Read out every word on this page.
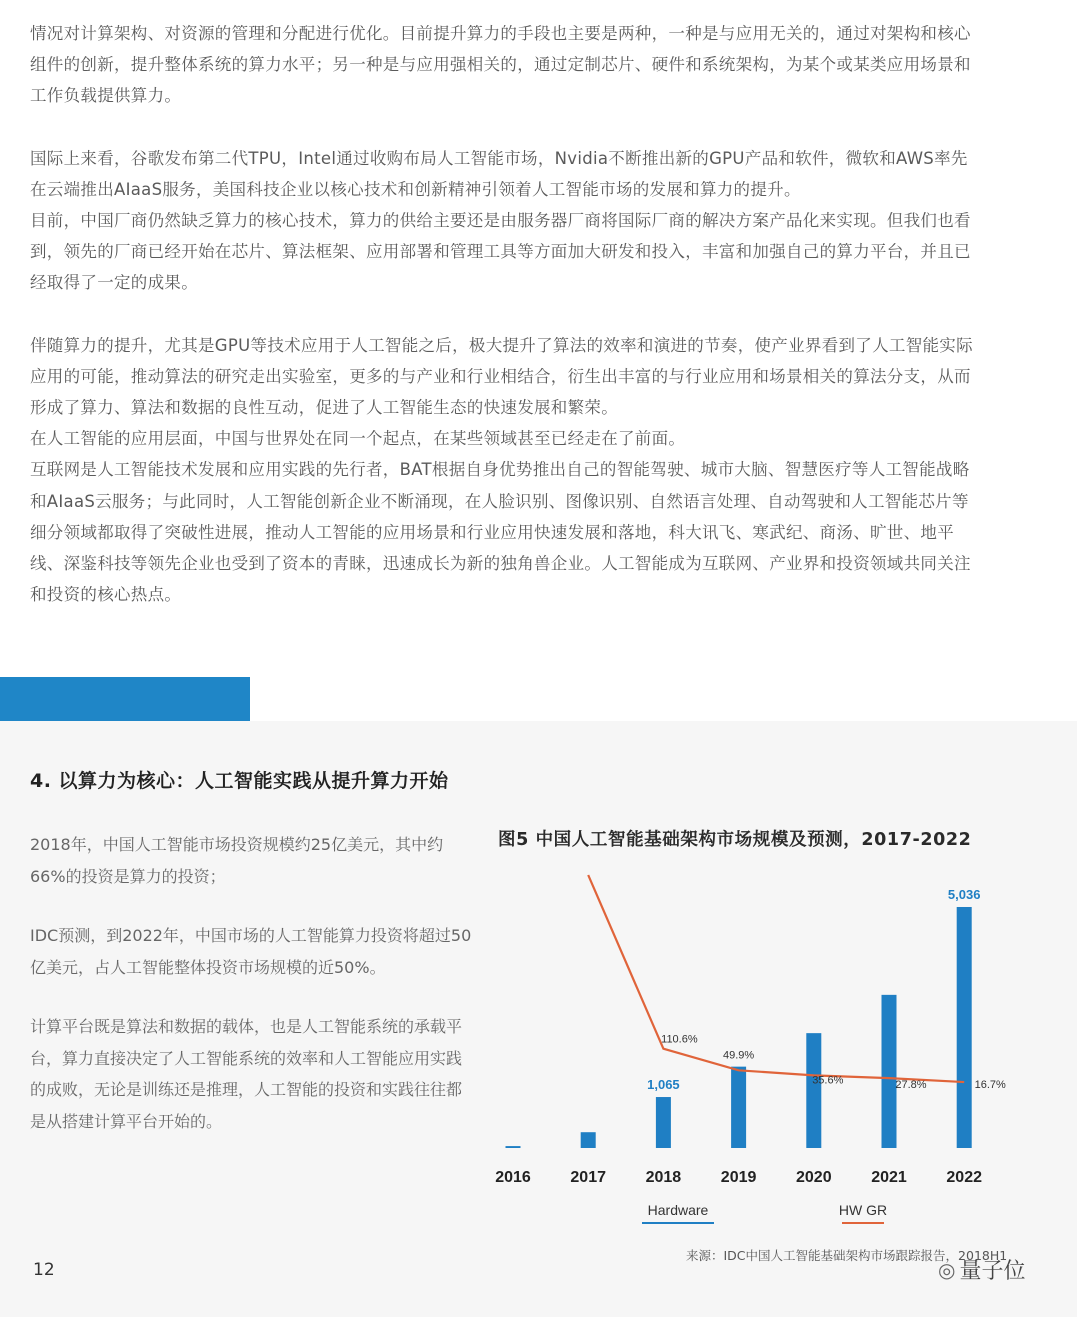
情况对计算架构、对资源的管理和分配进行优化。目前提升算力的手段也主要是两种，一种是与应用无关的，通过对架构和核心组件的创新，提升整体系统的算力水平；另一种是与应用强相关的，通过定制芯片、硬件和系统架构，为某个或某类应用场景和工作负载提供算力。

国际上来看，谷歌发布第二代TPU，Intel通过收购布局人工智能市场，Nvidia不断推出新的GPU产品和软件，微软和AWS率先在云端推出AIaaS服务，美国科技企业以核心技术和创新精神引领着人工智能市场的发展和算力的提升。

目前，中国厂商仍然缺乏算力的核心技术，算力的供给主要还是由服务器厂商将国际厂商的解决方案产品化来实现。但我们也看到，领先的厂商已经开始在芯片、算法框架、应用部署和管理工具等方面加大研发和投入，丰富和加强自己的算力平台，并且已经取得了一定的成果。

伴随算力的提升，尤其是GPU等技术应用于人工智能之后，极大提升了算法的效率和演进的节奏，使产业界看到了人工智能实际应用的可能，推动算法的研究走出实验室，更多的与产业和行业相结合，衍生出丰富的与行业应用和场景相关的算法分支，从而形成了算力、算法和数据的良性互动，促进了人工智能生态的快速发展和繁荣。

在人工智能的应用层面，中国与世界处在同一个起点，在某些领域甚至已经走在了前面。

互联网是人工智能技术发展和应用实践的先行者，BAT根据自身优势推出自己的智能驾驶、城市大脑、智慧医疗等人工智能战略和AIaaS云服务；与此同时，人工智能创新企业不断涌现，在人脸识别、图像识别、自然语言处理、自动驾驶和人工智能芯片等细分领域都取得了突破性进展，推动人工智能的应用场景和行业应用快速发展和落地，科大讯飞、寒武纪、商汤、旷世、地平线、深鉴科技等领先企业也受到了资本的青睐，迅速成长为新的独角兽企业。人工智能成为互联网、产业界和投资领域共同关注和投资的核心热点。

4. 以算力为核心：人工智能实践从提升算力开始

2018年，中国人工智能市场投资规模约25亿美元，其中约66%的投资是算力的投资；

IDC预测，到2022年，中国市场的人工智能算力投资将超过50亿美元，占人工智能整体投资市场规模的近50%。

计算平台既是算法和数据的载体，也是人工智能系统的承载平台，算力直接决定了人工智能系统的效率和人工智能应用实践的成败，无论是训练还是推理，人工智能的投资和实践往往都是从搭建计算平台开始的。

图5 中国人工智能基础架构市场规模及预测，2017-2022
1,065
5,036
110.6%
49.9%
35.6%	27.8%	16.7%
2016 2017 2018 2019 2020 2021 2022
Hardware	HW GR
来源：IDC中国人工智能基础架构市场跟踪报告，2018H1
12	◎ 量子位
